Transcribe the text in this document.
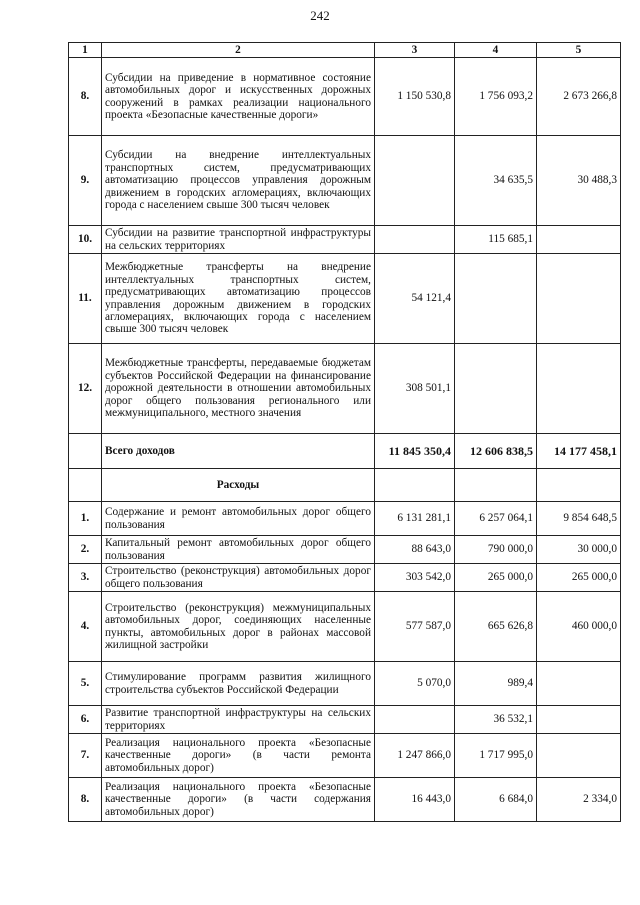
242
1	2	3	4	5
8.	Субсидии на приведение в нормативное состояние автомобильных дорог и искусственных дорожных сооружений в рамках реализации национального проекта «Безопасные качественные дороги»	1 150 530,8	1 756 093,2	2 673 266,8
9.	Субсидии на внедрение интеллектуальных транспортных систем, предусматривающих автоматизацию процессов управления дорожным движением в городских агломерациях, включающих города с населением свыше 300 тысяч человек		34 635,5	30 488,3
10.	Субсидии на развитие транспортной инфраструктуры на сельских территориях		115 685,1	
11.	Межбюджетные трансферты на внедрение интеллектуальных транспортных систем, предусматривающих автоматизацию процессов управления дорожным движением в городских агломерациях, включающих города с населением свыше 300 тысяч человек	54 121,4		
12.	Межбюджетные трансферты, передаваемые бюджетам субъектов Российской Федерации на финансирование дорожной деятельности в отношении автомобильных дорог общего пользования регионального или межмуниципального, местного значения	308 501,1		
	Всего доходов	11 845 350,4	12 606 838,5	14 177 458,1
	Расходы			
1.	Содержание и ремонт автомобильных дорог общего пользования	6 131 281,1	6 257 064,1	9 854 648,5
2.	Капитальный ремонт автомобильных дорог общего пользования	88 643,0	790 000,0	30 000,0
3.	Строительство (реконструкция) автомобильных дорог общего пользования	303 542,0	265 000,0	265 000,0
4.	Строительство (реконструкция) межмуниципальных автомобильных дорог, соединяющих населенные пункты, автомобильных дорог в районах массовой жилищной застройки	577 587,0	665 626,8	460 000,0
5.	Стимулирование программ развития жилищного строительства субъектов Российской Федерации	5 070,0	989,4	
6.	Развитие транспортной инфраструктуры на сельских территориях		36 532,1	
7.	Реализация национального проекта «Безопасные качественные дороги» (в части ремонта автомобильных дорог)	1 247 866,0	1 717 995,0	
8.	Реализация национального проекта «Безопасные качественные дороги» (в части содержания автомобильных дорог)	16 443,0	6 684,0	2 334,0
